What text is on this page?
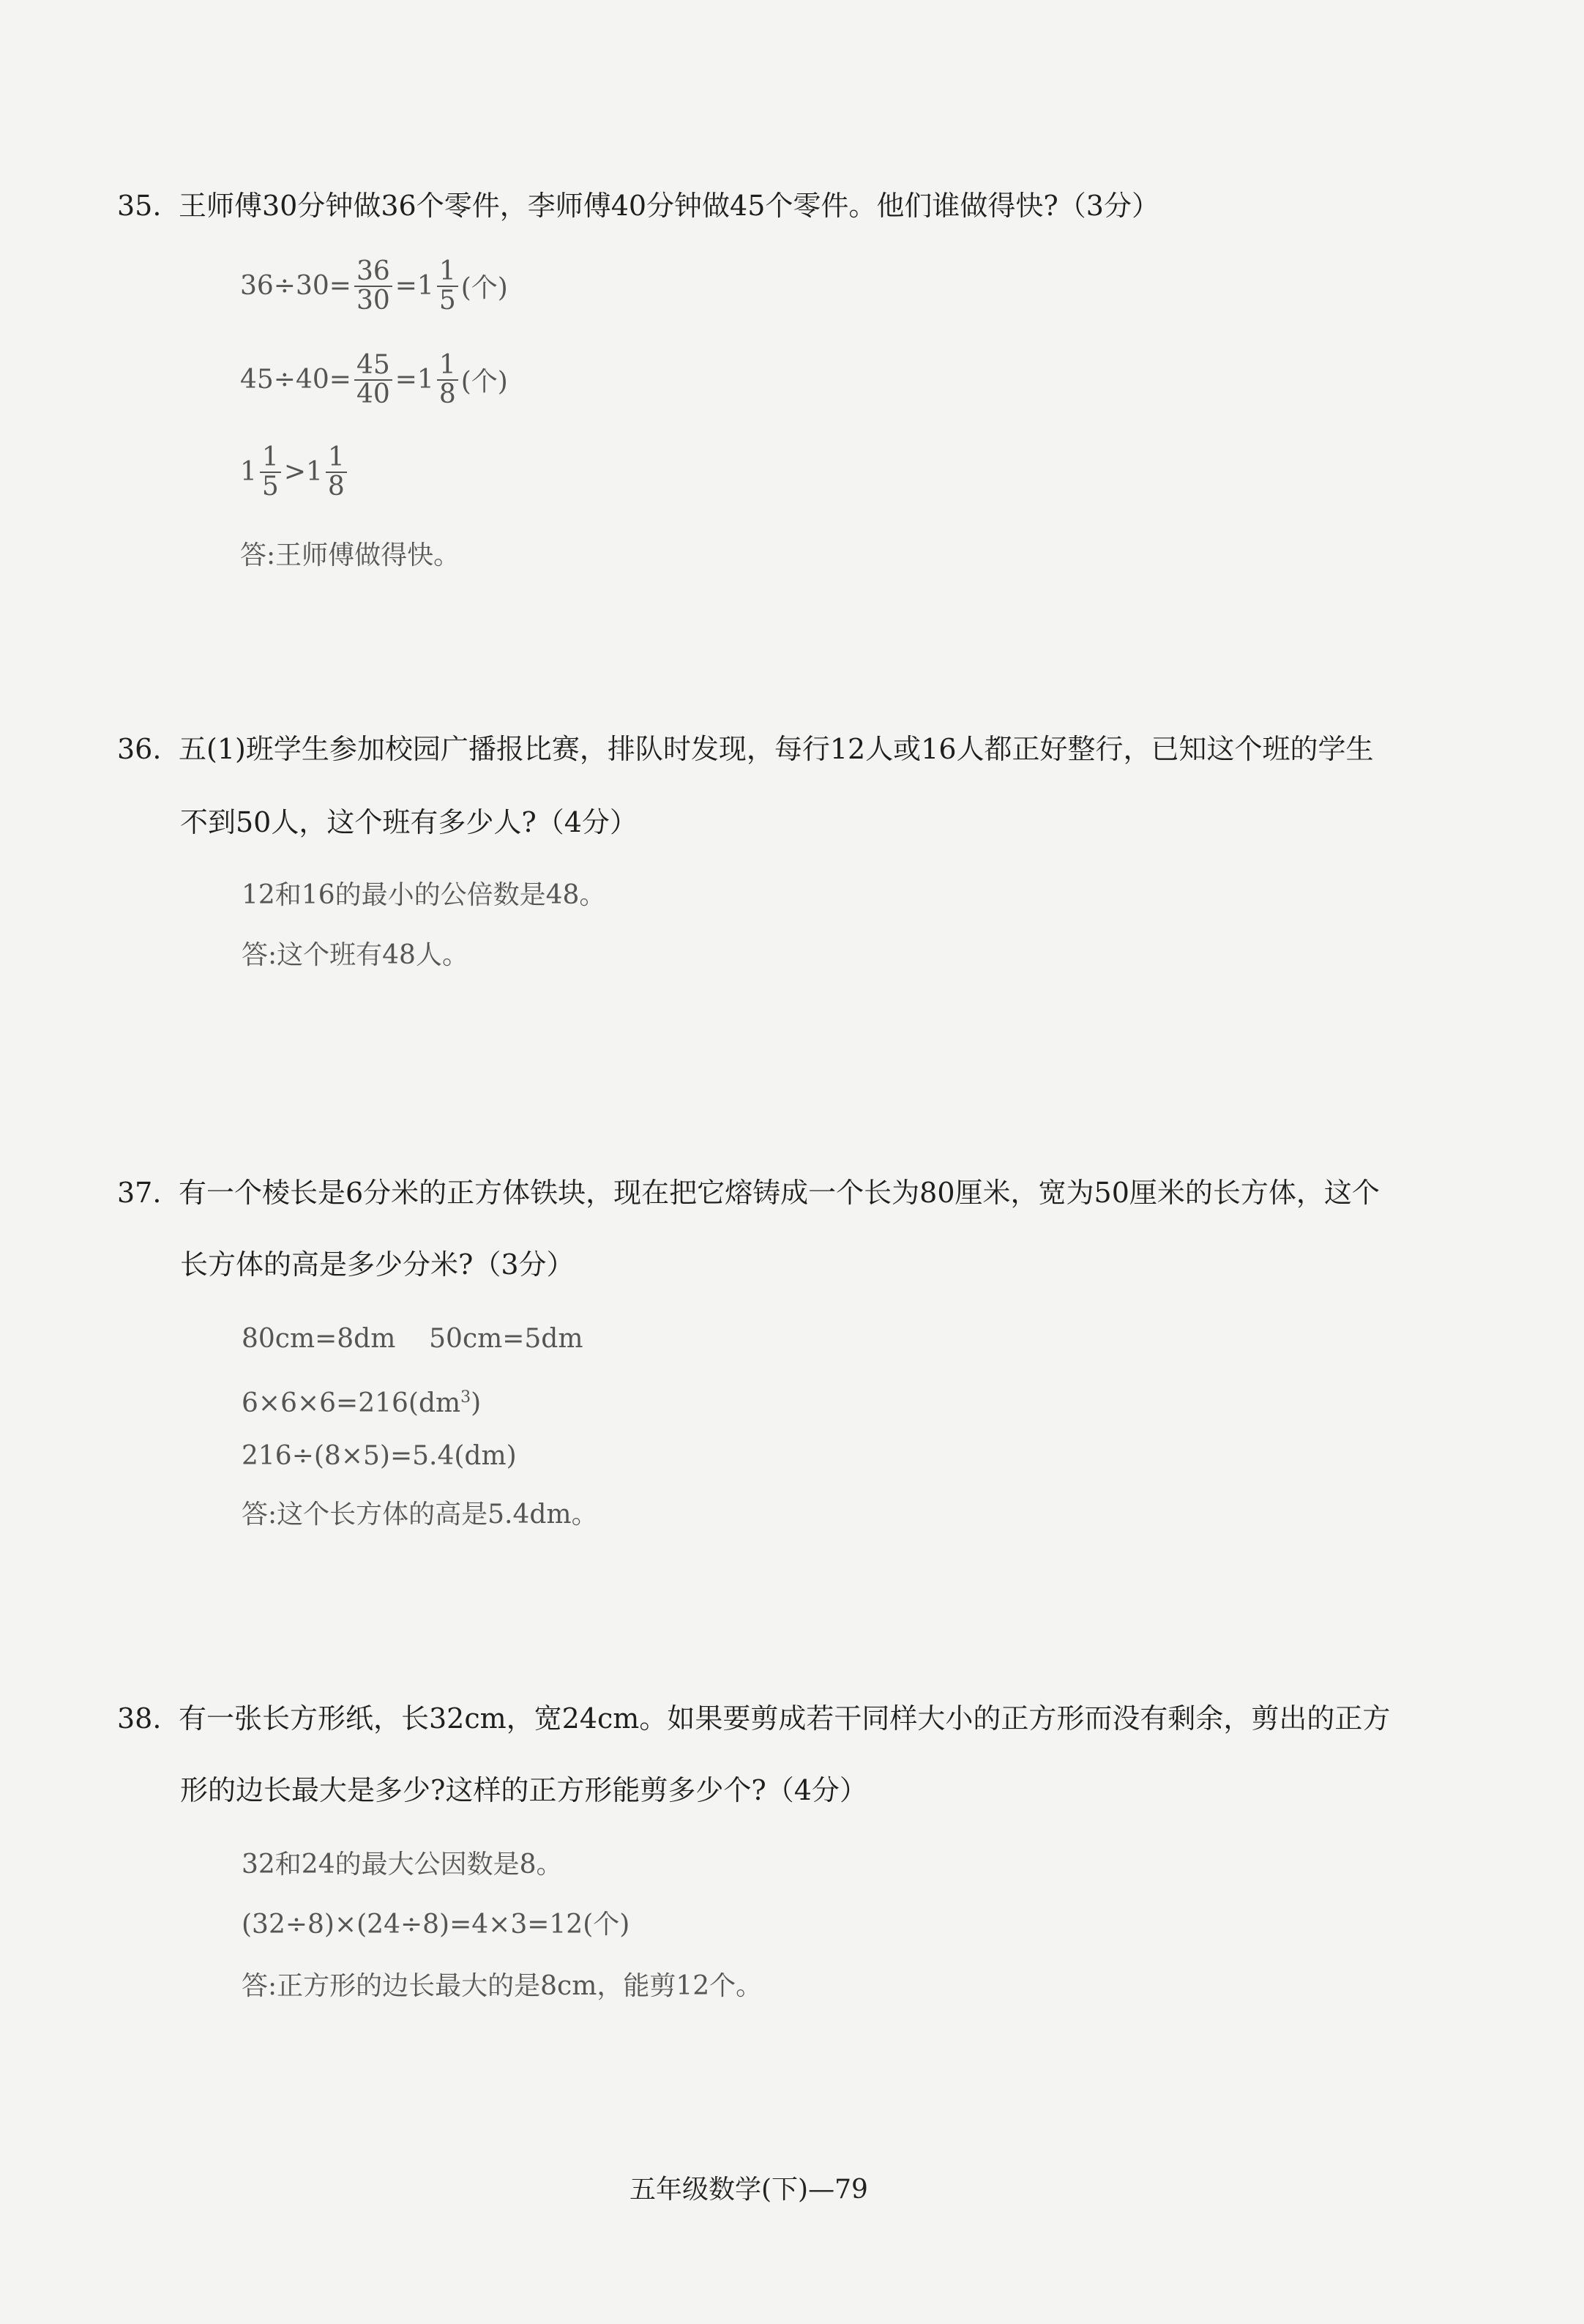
35. 王师傅30分钟做36个零件，李师傅40分钟做45个零件。他们谁做得快?（3分）
$36\div 30= \frac{36}{30} =1 \frac{1}{5}$ (个)
$45\div 40= \frac{45}{40} =1 \frac{1}{8}$ (个)
$1 \frac{1}{5} >1 \frac{1}{8}$
答:王师傅做得快。
36. 五(1)班学生参加校园广播报比赛，排队时发现，每行12人或16人都正好整行，已知这个班的学生
不到50人，这个班有多少人?（4分）
12和16的最小的公倍数是48。
答:这个班有48人。
37. 有一个棱长是6分米的正方体铁块，现在把它熔铸成一个长为80厘米，宽为50厘米的长方体，这个
长方体的高是多少分米?（3分）
80cm=8dm    50cm=5dm
$6\times 6\times 6=216(dm^3)$
216÷(8×5)=5.4(dm)
答:这个长方体的高是5.4dm。
38. 有一张长方形纸，长32cm，宽24cm。如果要剪成若干同样大小的正方形而没有剩余，剪出的正方
形的边长最大是多少?这样的正方形能剪多少个?（4分）
32和24的最大公因数是8。
(32÷8)×(24÷8)=4×3=12(个)
答:正方形的边长最大的是8cm，能剪12个。
五年级数学(下)—79
